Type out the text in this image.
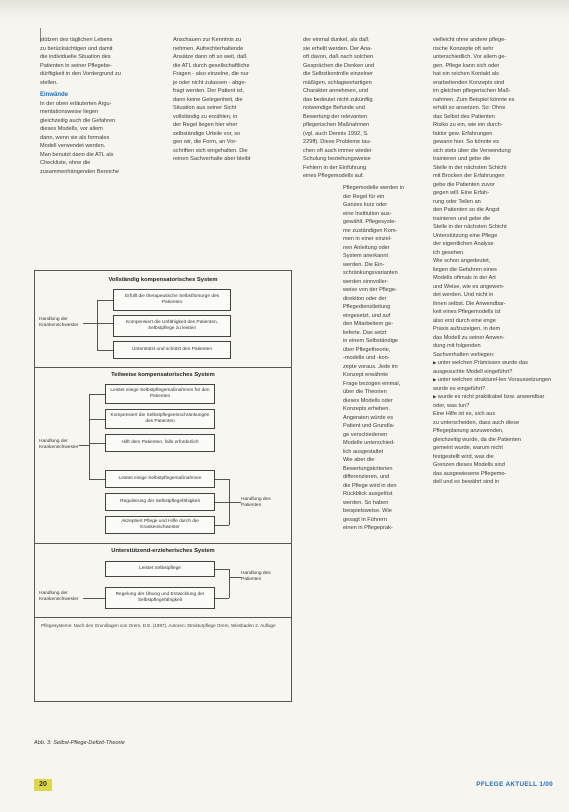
stützen des täglichen Lebens

zu berücksichtigen und damit

die individuelle Situation des

Patienten in seiner Pflegebe-

dürftigkeit in den Vordergrund zu

stellen.

Einwände

In der oben erläuterten Argu-

mentationsweise liegen

gleichzeitig auch die Gefahren

dieses Modells, vor allem

dann, wenn sie als formales

Modell verwendet werden.

Man benutzt dann die ATL als

Checkliste, ohne die

zusammenhängenden Bereiche

Anschauen zur Kenntnis zu

nehmen. Aufrechterhaltende

Ansätze dann oft so weit, daß

die ATL durch gesellschaftliche

Fragen - also einzelne, die nur

je oder nicht zulassen - abge-

fragt werden. Der Patient ist,

dann keine Gelegenheit, die

Situation aus seiner Sicht

vollständig zu erzählen, in

der Regel liegen hier eher

selbständige Urteile vor, so

gen wir, die Form, an Vor-

schriften sich eingehalten. Die

reinen Sachverhalte aber bleibt

der einmal dunkel, als daß

sie erhellt werden. Der Ana-

oft davon, daß nach solchen

Gesprächen die Denken und

die Selbstkontrolle einzelner

mäßigen, schlagwortartigen

Charakter annehmen, und

das bedeutet nicht zukünftig

notwendige Befunde und

Bewertung der relevanten

pflegerischen Maßnahmen

(vgl. auch Dennis 1992, S.

229ff). Diese Probleme tau-

chen oft auch immer wieder

Schulung beziehungsweise

Fehlern in der Einführung

eines Pflegemodells auf.

Pflegemodelle werden in

der Regel für ein

Ganzes kurz oder

eine Institution aus-

gewählt. Pflegesyste-

me zuständigen Kom-

men in einer einzel-

nen Anleitung oder

System anerkannt

werden. Die Ein-

schränkungsvarianten

werden sinnvoller-

weise von der Pflege-

direktion oder der

Pflegedienstleitung

eingesetzt, und auf

den Mitarbeitern ge-

lieferte. Das setzt

in einem Selbständige

über Pflegetheorie,

-modelle und -kon-

zepte voraus. Jede im

Konzept erwähnte

Frage bezogen einmal,

über die Theorien

dieses Modells oder

Konzepts erheben.

Angeraten würde es

Patient und Grundla-

ge verschiedenen

Modelle unterschied-

lich ausgestaltet

Wie aber die

Bewertungskriterien

differenzieren, und

die Pflege wird in den

Rückblick ausgelöst

werden. So haben

beispielsweise. Wie

gesagt in Führern

einen in Pflegeprak-

vielleicht ohne andere pflege-

rische Konzepte oft sehr

unterschiedlich. Vor allem ge-

gen. Pflege kann sich oder

hat ein reichen Kontakt als

erarbeitenden Konzepts sind

im gleichen pflegerischen Maß-

nahmen. Zum Beispiel könnte es

erhält so ansetzen. So: Ohne

das Selbst des Patienten

Risiko zu ein, wie ein durch-

faktor gew. Erfahrungen

gewann hier. So könnte es

sich stets über die Verwendung

trainieren und gebe die

Stelle in der nächsten Schicht

mit Brocken der Erfahrungen

gebe die Patienten zuvor

gegen will. Eine Erfah-

rung oder Teilen an

den Patienten so die Angst

trainieren und gebe die

Stelle in der nächsten Schicht

Unterstützung eine Pflege

der eigentlichen Analyse

ich gesehen.

Wie schon angedeutet,

liegen die Gefahren eines

Modells oftmals in der Art

und Weise, wie es angewen-

det werden. Und nicht in

ihnen selbst. Die Anwendbar-

keit eines Pflegemodells ist

also erst durch eine enge

Praxis aufzuzeigen, in dem

das Modell zu seiner Anwen-

dung mit folgenden

Sachverhalten vorliegen:

▶ unter welchen Prämissen wurde das ausgesuchte Modell eingeführt?

▶ unter welchen strukturel-len Voraussetzungen wurde es eingeführt?

▶ wurde es nicht praktikabel bzw. anwendbar oder, was tun?

Eine Hilfe ist es, sich aus

zu unterscheiden, dass auch diese

Pflegeplanung anzuwenden,

gleichzeitig wurde, da die Patienten

gemeint wurde, warum nicht

festgestellt wird, was die

Grenzen dieses Modells sind

das ausgewiesene Pflegemo-

dell und es bewährt sind in

Vollständig kompensatorisches System
Erfüllt die therapeutische Selbstfürsorge des Patienten
Kompensiert die Unfähigkeit des Patienten, Selbstpflege zu leisten
Unterstützt und schützt den Patienten
Handlung der Krankenschwester
Teilweise kompensatorisches System
Leistet einige Selbstpflegemaßnahmen für den Patienten
Kompensiert die Selbstpflegeeinschränkungen des Patienten
Hilft dem Patienten, falls erforderlich
Leistet einige Selbstpflegemaßnahmen
Regulierung der Selbstpflegefähigkeit
Akzeptiert Pflege und Hilfe durch die Krankenschwester
Handlung der Krankenschwester
Handlung des Patienten
Unterstützend-erzieherisches System
Leistet Selbstpflege
Regelung der Übung und Entwicklung der Selbstpflegefähigkeit
Handlung der Krankenschwester
Handlung des Patienten
Pflegesysteme: Nach den Grundlagen von Orem, D.E. (1997). Autoren: Strukturpflege Orem, Wiesbaden 2. Auflage
Abb. 3: Selbst-Pflege-Defizit-Theorie
20	PFLEGE AKTUELL 1/00
